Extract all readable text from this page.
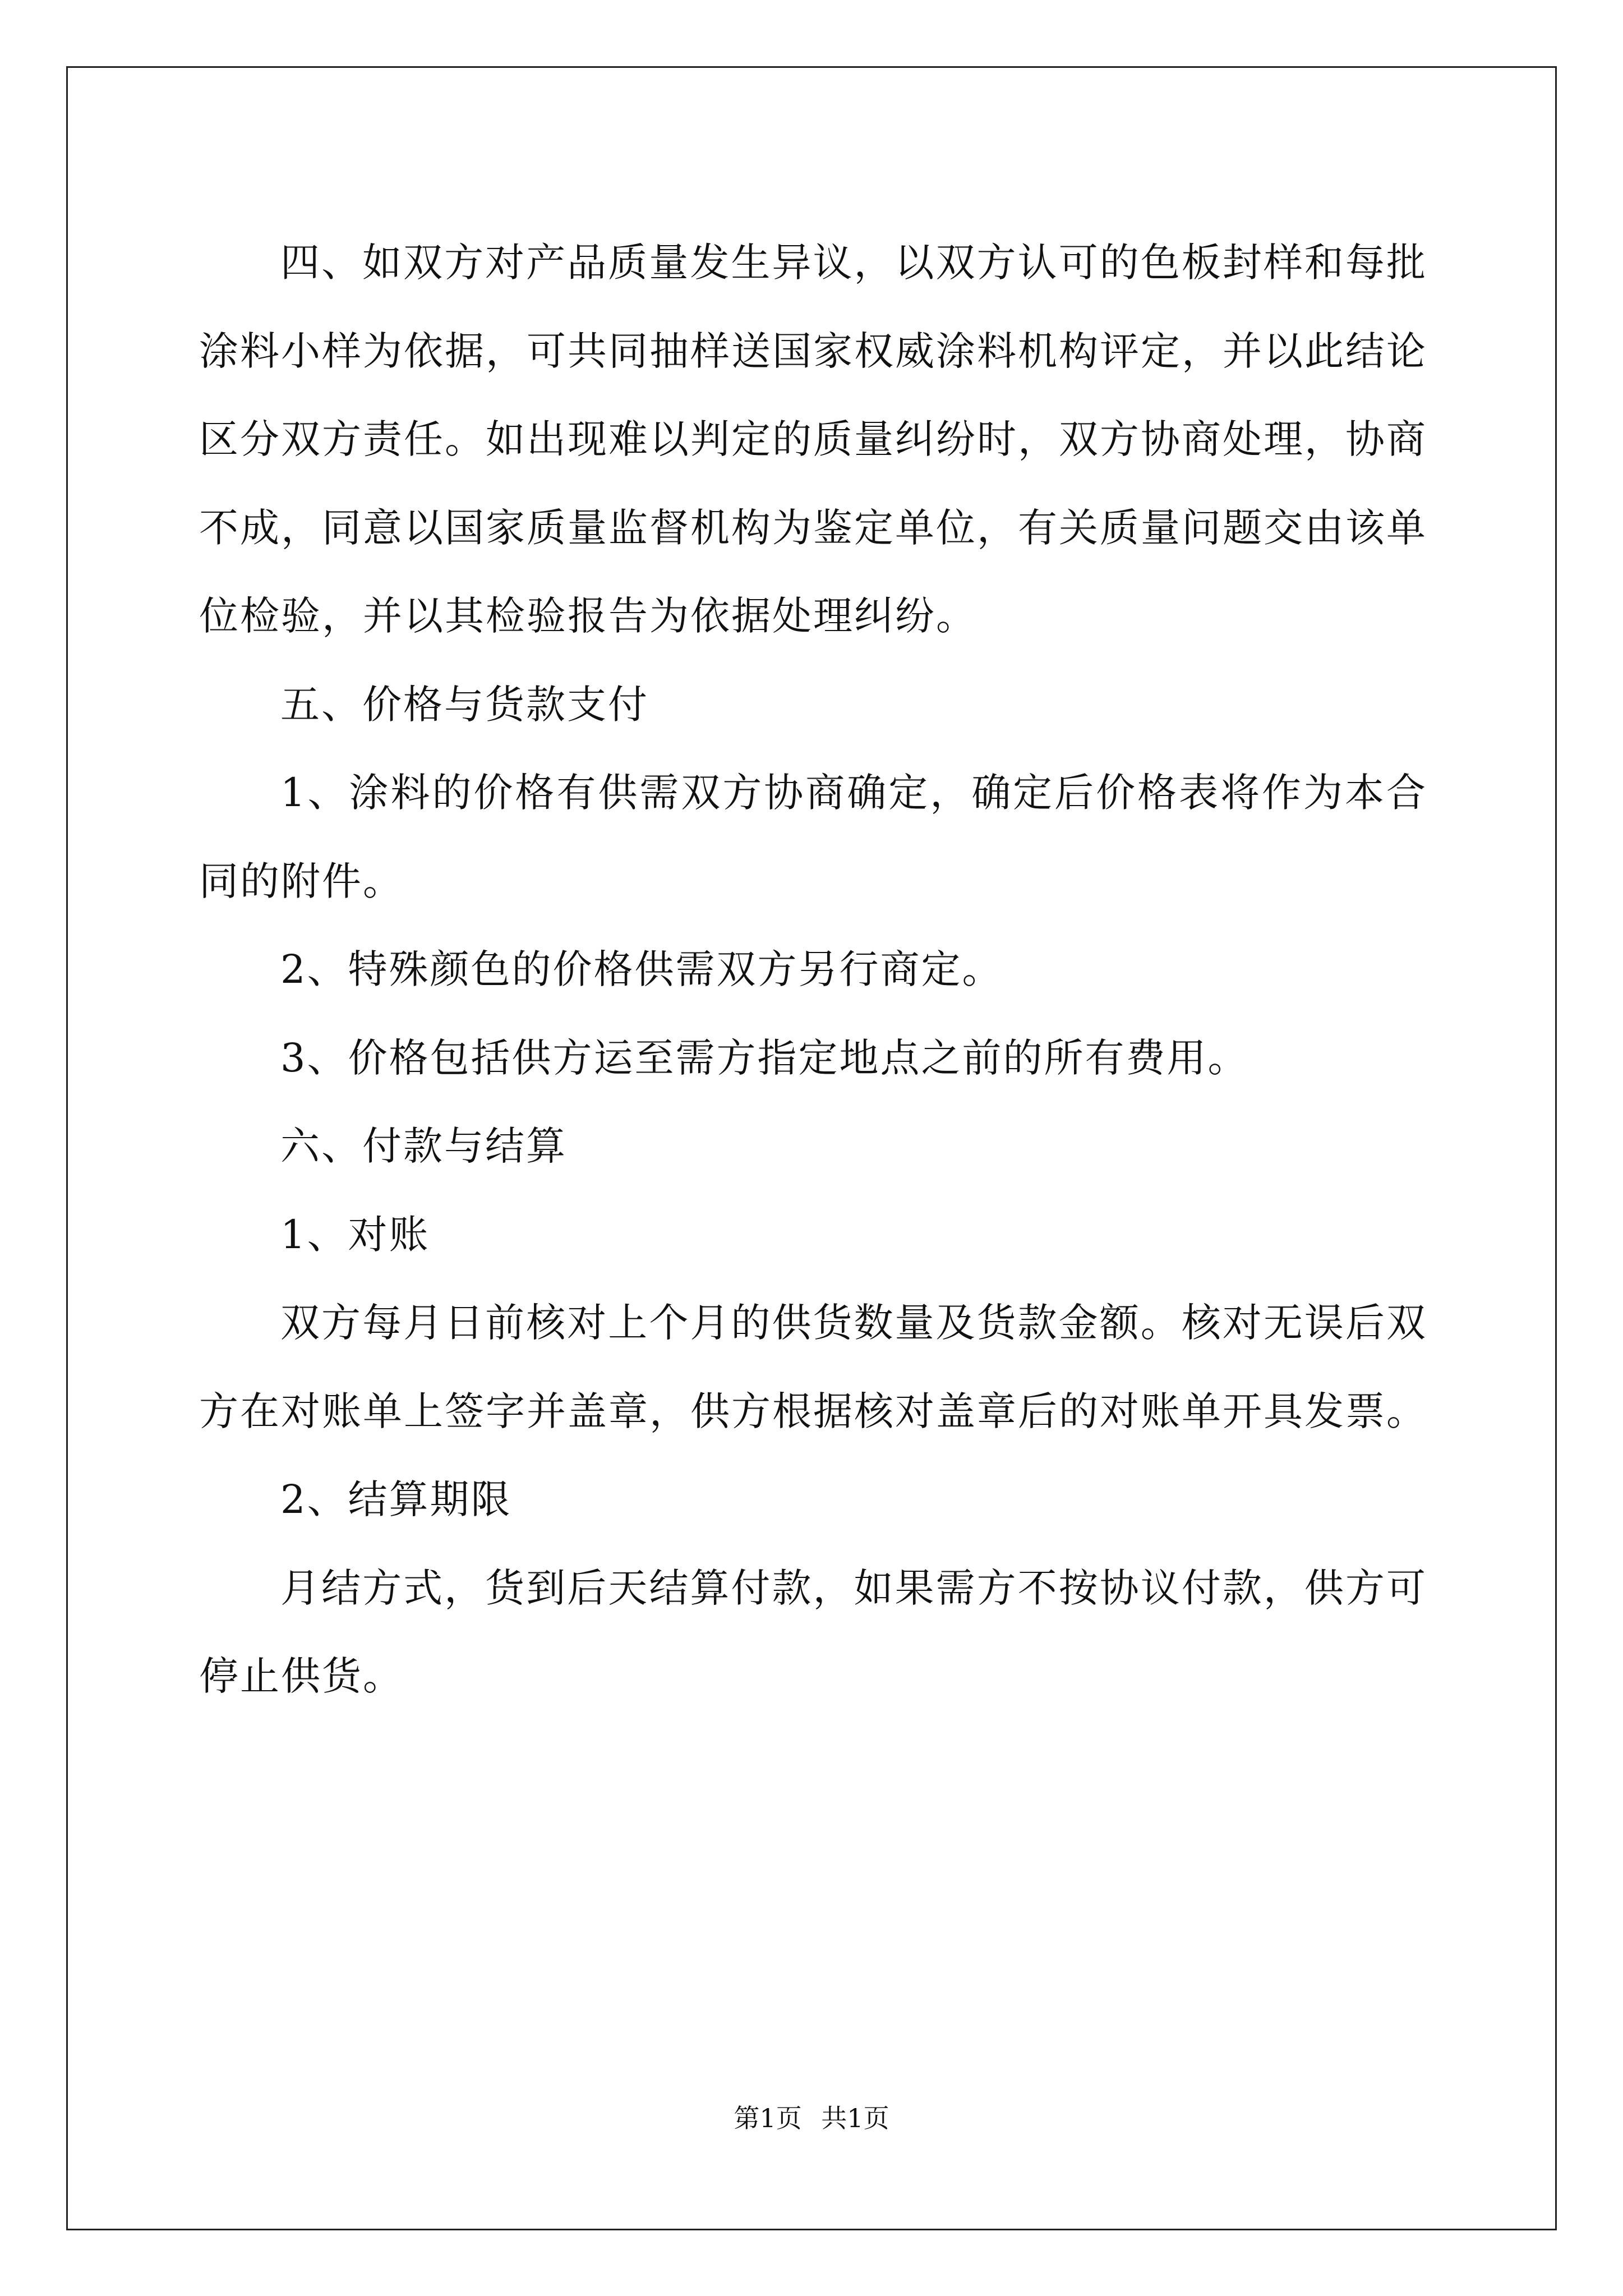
四、如双方对产品质量发生异议，以双方认可的色板封样和每批涂料小样为依据，可共同抽样送国家权威涂料机构评定，并以此结论区分双方责任。如出现难以判定的质量纠纷时，双方协商处理，协商不成，同意以国家质量监督机构为鉴定单位，有关质量问题交由该单位检验，并以其检验报告为依据处理纠纷。

五、价格与货款支付

1、涂料的价格有供需双方协商确定，确定后价格表将作为本合同的附件。

2、特殊颜色的价格供需双方另行商定。

3、价格包括供方运至需方指定地点之前的所有费用。

六、付款与结算

1、对账

双方每月日前核对上个月的供货数量及货款金额。核对无误后双方在对账单上签字并盖章，供方根据核对盖章后的对账单开具发票。

2、结算期限

月结方式，货到后天结算付款，如果需方不按协议付款，供方可停止供货。

第1页 共1页
